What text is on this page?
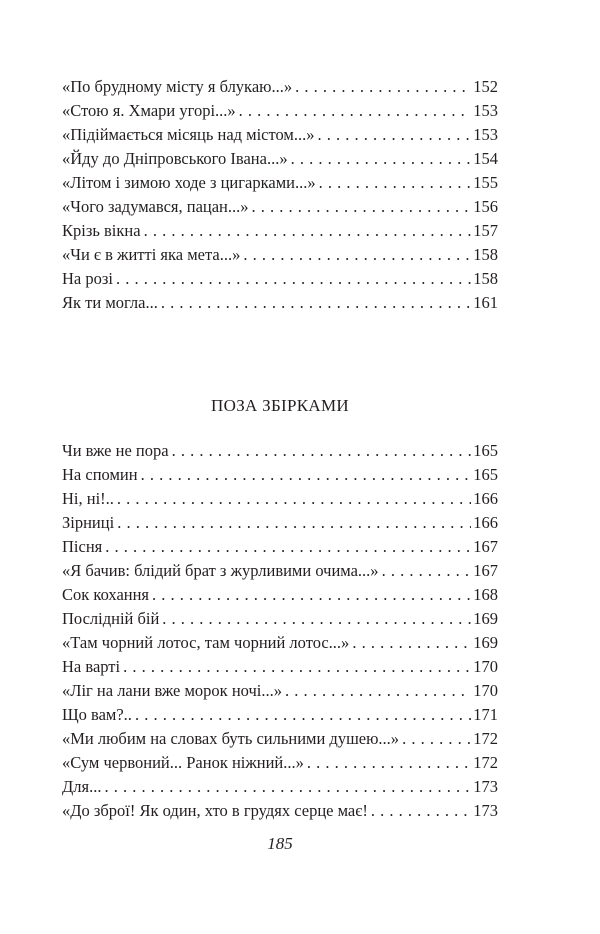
«По брудному місту я блукаю...» . . .	152
«Стою я. Хмари угорі...» . . .	153
«Підіймається місяць над містом...» . . .	153
«Йду до Дніпровського Івана...» . . .	154
«Літом і зимою ходе з цигарками...» . . .	155
«Чого задумався, пацан...» . . .	156
Крізь вікна . . .	157
«Чи є в житті яка мета...» . . .	158
На розі . . .	158
Як ти могла... . . .	161
ПОЗА ЗБІРКАМИ
Чи вже не пора . . .	165
На спомин . . .	165
Ні, ні!.. . . .	166
Зірниці . . .	166
Пісня . . .	167
«Я бачив: блідий брат з журливими очима...» . . .	167
Сок кохання . . .	168
Послідній бій . . .	169
«Там чорний лотос, там чорний лотос...» . . .	169
На варті . . .	170
«Ліг на лани вже морок ночі...» . . .	170
Що вам?.. . . .	171
«Ми любим на словах буть сильними душею...» . . .	172
«Сум червоний... Ранок ніжний...» . . .	172
Для... . . .	173
«До зброї! Як один, хто в грудях серце має! . . .	173
185
